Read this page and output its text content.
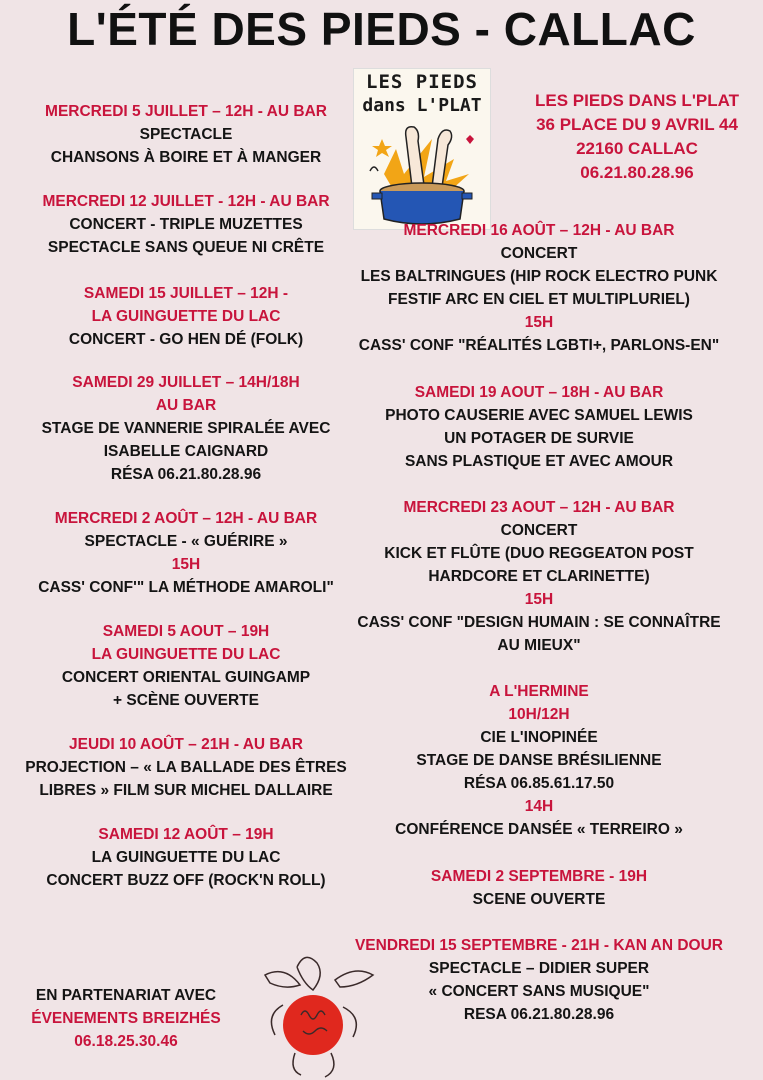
L'ÉTÉ DES PIEDS - CALLAC
LES PIEDS
dans L'PLAT	LES PIEDS DANS L'PLAT
36 PLACE DU 9 AVRIL 44
22160 CALLAC
06.21.80.28.96
MERCREDI 5 JUILLET – 12H - AU BAR
SPECTACLE
CHANSONS À BOIRE ET À MANGER
MERCREDI 12 JUILLET - 12H - AU BAR
CONCERT - TRIPLE MUZETTES
SPECTACLE SANS QUEUE NI CRÊTE
SAMEDI 15 JUILLET – 12H -
LA GUINGUETTE DU LAC
CONCERT - GO HEN DÉ (FOLK)
SAMEDI 29 JUILLET – 14H/18H
AU BAR
STAGE DE VANNERIE SPIRALÉE AVEC
ISABELLE CAIGNARD
RÉSA 06.21.80.28.96
MERCREDI 2 AOÛT – 12H - AU BAR
SPECTACLE - « GUÉRIRE »
15H
CASS' CONF'" LA MÉTHODE AMAROLI"
SAMEDI 5 AOUT – 19H
LA GUINGUETTE DU LAC
CONCERT ORIENTAL GUINGAMP
+ SCÈNE OUVERTE
JEUDI 10 AOÛT – 21H - AU BAR
PROJECTION – « LA BALLADE DES ÊTRES
LIBRES » FILM SUR MICHEL DALLAIRE
SAMEDI 12 AOÛT – 19H
LA GUINGUETTE DU LAC
CONCERT BUZZ OFF (ROCK'N ROLL)
MERCREDI 16 AOÛT – 12H - AU BAR
CONCERT
LES BALTRINGUES (HIP ROCK ELECTRO PUNK
FESTIF ARC EN CIEL ET MULTIPLURIEL)
15H
CASS' CONF "RÉALITÉS LGBTI+, PARLONS-EN"
SAMEDI 19 AOUT – 18H - AU BAR
PHOTO CAUSERIE AVEC SAMUEL LEWIS
UN POTAGER DE SURVIE
SANS PLASTIQUE ET AVEC AMOUR
MERCREDI 23 AOUT – 12H - AU BAR
CONCERT
KICK ET FLÛTE (DUO REGGEATON POST
HARDCORE ET CLARINETTE)
15H
CASS' CONF "DESIGN HUMAIN : SE CONNAÎTRE
AU MIEUX"
A L'HERMINE
10H/12H
CIE L'INOPINÉE
STAGE DE DANSE BRÉSILIENNE
RÉSA 06.85.61.17.50
14H
CONFÉRENCE DANSÉE « TERREIRO »
SAMEDI 2 SEPTEMBRE - 19H
SCENE OUVERTE
VENDREDI 15 SEPTEMBRE - 21H - KAN AN DOUR
SPECTACLE – DIDIER SUPER
« CONCERT SANS MUSIQUE"
RESA 06.21.80.28.96
EN PARTENARIAT AVEC
ÉVENEMENTS BREIZHÉS
06.18.25.30.46
